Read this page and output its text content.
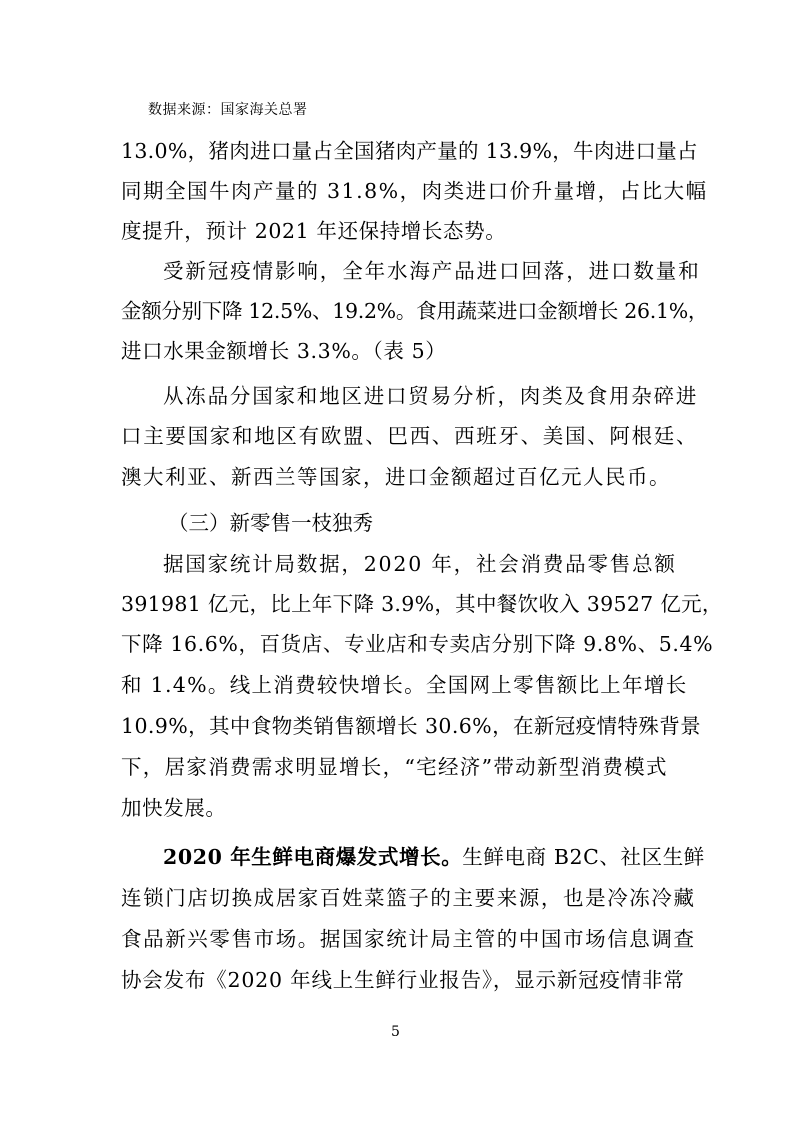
数据来源：国家海关总署
13.0%，猪肉进口量占全国猪肉产量的 13.9%，牛肉进口量占
同期全国牛肉产量的 31.8%，肉类进口价升量增，占比大幅
度提升，预计 2021 年还保持增长态势。
受新冠疫情影响，全年水海产品进口回落，进口数量和
金额分别下降 12.5%、19.2%。食用蔬菜进口金额增长 26.1%，
进口水果金额增长 3.3%。（表 5）
从冻品分国家和地区进口贸易分析，肉类及食用杂碎进
口主要国家和地区有欧盟、巴西、西班牙、美国、阿根廷、
澳大利亚、新西兰等国家，进口金额超过百亿元人民币。
（三）新零售一枝独秀
据国家统计局数据，2020 年，社会消费品零售总额
391981 亿元，比上年下降 3.9%，其中餐饮收入 39527 亿元，
下降 16.6%，百货店、专业店和专卖店分别下降 9.8%、5.4%
和 1.4%。线上消费较快增长。全国网上零售额比上年增长
10.9%，其中食物类销售额增长 30.6%，在新冠疫情特殊背景
下，居家消费需求明显增长，“宅经济”带动新型消费模式
加快发展。
2020 年生鲜电商爆发式增长。生鲜电商 B2C、社区生鲜
连锁门店切换成居家百姓菜篮子的主要来源，也是冷冻冷藏
食品新兴零售市场。据国家统计局主管的中国市场信息调查
协会发布《2020 年线上生鲜行业报告》，显示新冠疫情非常
5
